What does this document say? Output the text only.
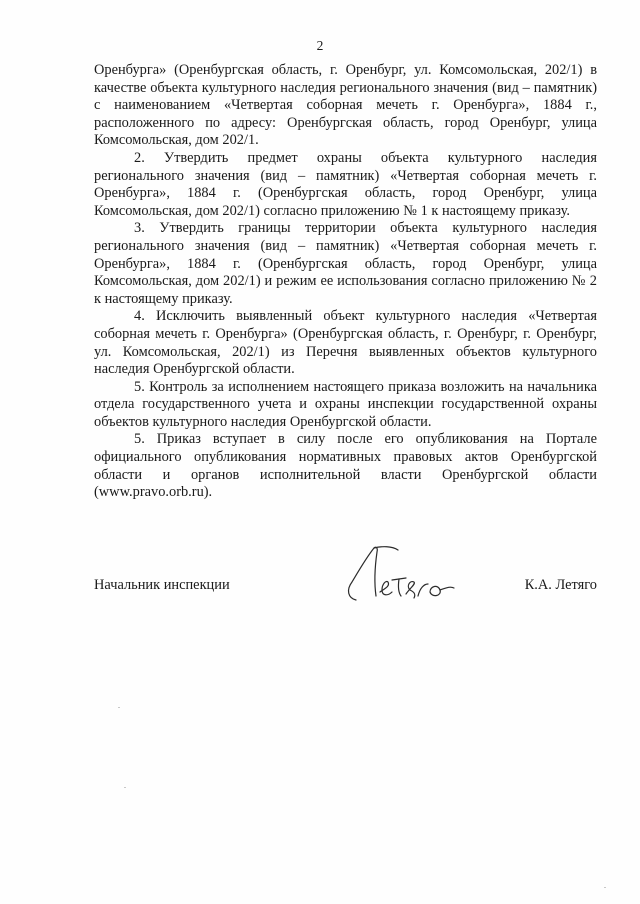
2

Оренбурга» (Оренбургская область, г. Оренбург, ул. Комсомольская, 202/1) в качестве объекта культурного наследия регионального значения (вид – памятник) с наименованием «Четвертая соборная мечеть г. Оренбурга», 1884 г., расположенного по адресу: Оренбургская область, город Оренбург, улица Комсомольская, дом 202/1.

2. Утвердить предмет охраны объекта культурного наследия регионального значения (вид – памятник) «Четвертая соборная мечеть г. Оренбурга», 1884 г. (Оренбургская область, город Оренбург, улица Комсомольская, дом 202/1) согласно приложению № 1 к настоящему приказу.

3. Утвердить границы территории объекта культурного наследия регионального значения (вид – памятник) «Четвертая соборная мечеть г. Оренбурга», 1884 г. (Оренбургская область, город Оренбург, улица Комсомольская, дом 202/1) и режим ее использования согласно приложению № 2 к настоящему приказу.

4. Исключить выявленный объект культурного наследия «Четвертая соборная мечеть г. Оренбурга» (Оренбургская область, г. Оренбург, г. Оренбург, ул. Комсомольская, 202/1) из Перечня выявленных объектов культурного наследия Оренбургской области.

5. Контроль за исполнением настоящего приказа возложить на начальника отдела государственного учета и охраны инспекции государственной охраны объектов культурного наследия Оренбургской области.

5. Приказ вступает в силу после его опубликования на Портале официального опубликования нормативных правовых актов Оренбургской области и органов исполнительной власти Оренбургской области (www.pravo.orb.ru).

Начальник инспекции	К.А. Летяго
